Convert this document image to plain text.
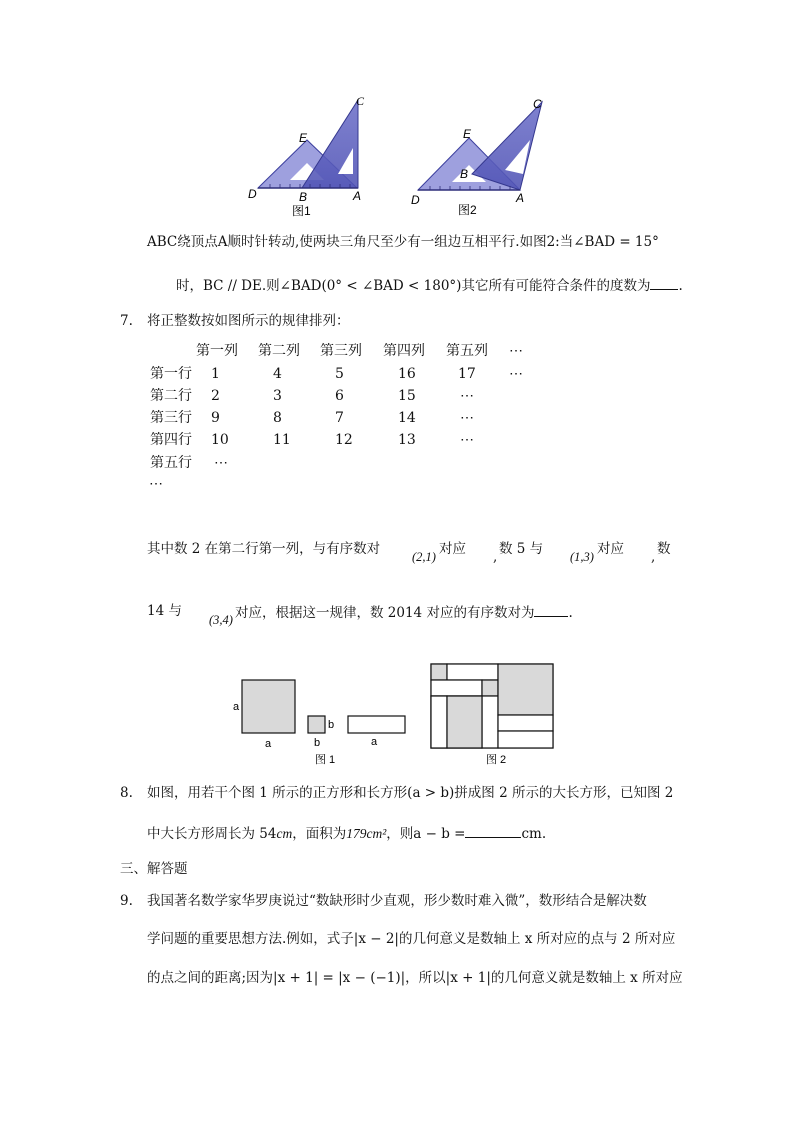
C
E
D	B	A
图1
C
E
B
D	A
图2
ABC绕顶点A顺时针转动,使两块三角尺至少有一组边互相平行.如图2:当∠BAD = 15°
时，BC // DE.则∠BAD(0° < ∠BAD < 180°)其它所有可能符合条件的度数为 .
7. 将正整数按如图所示的规律排列：
第一列 第二列 第三列 第四列 第五列 ⋯
第一行 1	4	5	16	17 ⋯
第二行 2	3	6	15	⋯
第三行 9	8	7	14	⋯
第四行 10	11	12	13	⋯
第五行 ⋯
⋯
其中数 2 在第二行第一列，与有序数对	(2,1) 对应 , 数 5 与 (1,3) 对应 , 数
14 与
(3,4) 对应，根据这一规律，数 2014 对应的有序数对为	.
a
a
b
b	a
图 1	图 2
8. 如图，用若干个图 1 所示的正方形和长方形(a > b)拼成图 2 所示的大长方形，已知图 2
中大长方形周长为 54cm，面积为179cm²，则a − b =	cm.
三、解答题
9. 我国著名数学家华罗庚说过“数缺形时少直观，形少数时难入微”，数形结合是解决数
学问题的重要思想方法.例如，式子|x − 2|的几何意义是数轴上 x 所对应的点与 2 所对应
的点之间的距离;因为|x + 1| = |x − (−1)|，所以|x + 1|的几何意义就是数轴上 x 所对应
